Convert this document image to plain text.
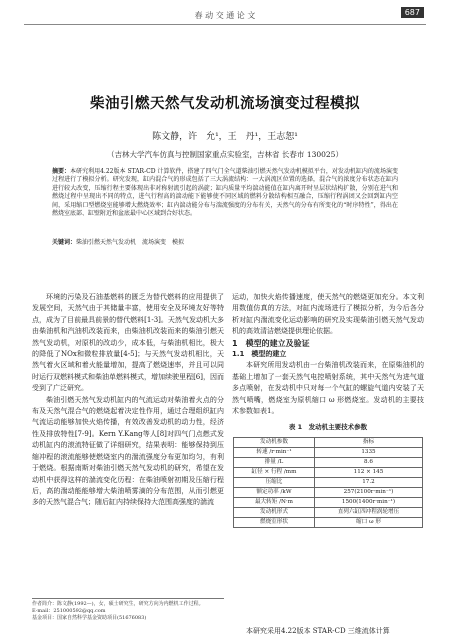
春 动 交 通 论 文	687
柴油引燃天然气发动机流场演变过程模拟
陈文静，许　允¹，王　丹¹，王志恕¹
（吉林大学汽车仿真与控制国家重点实验室，吉林省 长春市 130025）
摘要：本研究利用4.22版本 STAR-CD 计算软件，搭建了四气门全气道柴油引燃天然气发动机模拟平台，对发动机缸内的流场演变过程进行了模拟分析。研究发现，缸内混合气的形成包括了三大涡流结构：一大涡流区位置的选择，混合气的浓度分布状态在缸内进行较大改变，压缩行程主要体现出非对称射流引起的涡旋；缸内质量平均湍动能值在缸内离开时呈层状结构扩散，分别在进气和燃烧过程中呈现出不同的特点，进气行程高的湍动能下能够使不同区域的燃料分散结构相互融合，压缩行程涡团又会回到缸内空间，采用缩口型燃烧室能够增大燃烧效率；缸内湍动能分布与湍流强度的分布有关，天然气的分布有所变化的“时序特性”，得出在燃烧室底部、缸壁附近和盆底最中心区域到合好状态。
关键词：柴油引燃天然气发动机　流场演变　模拟

环境的污染及石油基燃料的匮乏为替代燃料的应用提供了发展空间，天然气由于其储量丰富，使用安全及环境友好等特点，成为了目前最具前景的替代燃料[1-3]。天然气发动机大多由柴油机和汽油机改装而来，由柴油机改装而来的柴油引燃天然气发动机，对原机的改动少，成本低，与柴油机相比，极大的降低了NOx和微粒排放量[4-5]；与天然气发动机相比，天然气着火区域和着火能量增加，提高了燃烧速率，并且可以同时运行双燃料模式和柴油单燃料模式，增加续驶里程[6]，因而受到了广泛研究。

柴油引燃天然气发动机缸内的气流运动对柴油着火点的分布及天然气混合气的燃烧起着决定性作用，通过合理组织缸内气流运动能够加快火焰传播，有效改善发动机的动力性，经济性及排放特性[7-9]。Kern Y.Kang等人[8]对四气门点燃式发动机缸内的滚流特征做了详细研究，结果表明：能够保持到压缩冲程的滚流能够使燃烧室内的湍流强度分布更加均匀，有利于燃烧。根据南斯对柴油引燃天然气发动机的研究，希望在发动机中获得这样的湍流变化历程：在柴油喷射初期及压缩行程后，高的湍动能能够增大柴油喷雾滴的分布范围，从而引燃更多的天然气混合气；随后缸内持续保持大范围高强度的湍流

运动，加快火焰传播速度，使天然气的燃烧更加充分。本文利用数值仿真的方法，对缸内流场进行了模拟分析，为今后各分析对缸内湍流变化运动影响的研究及实现柴油引燃天然气发动机的高效清洁燃烧提供理论依据。

1　模型的建立及验证

1.1　模型的建立

本研究所用发动机由一台柴油机改装而来，在原柴油机的基础上增加了一套天然气电控喷射系统，其中天然气为进气道多点喷射，在发动机中只对每一个气缸的螺旋气道内安装了天然气喷嘴，燃烧室为原机缩口 ω 形燃烧室。发动机的主要技术参数如表1。

表 1　发动机主要技术参数
发动机参数	指标
转速 /r·min⁻¹	1335
排量 /L	8.6
缸径 × 行程 /mm	112 × 145
压缩比	17.2
额定功率 /kW	257(2100r·min⁻¹)
最大转矩 /N·m	1500(1400r·min⁻¹)
发动机形式	直列六缸四冲程涡轮增压
燃烧室形状	缩口 ω 形
本研究采用4.22版本 STAR-CD 三维流体计算
作者简介：陈文静(1992—)，女，硕士研究生，研究方向为内燃机工作过程。
E-mail：251000592@qq.com
基金项目：国家自然科学基金资助项目(51676083)
